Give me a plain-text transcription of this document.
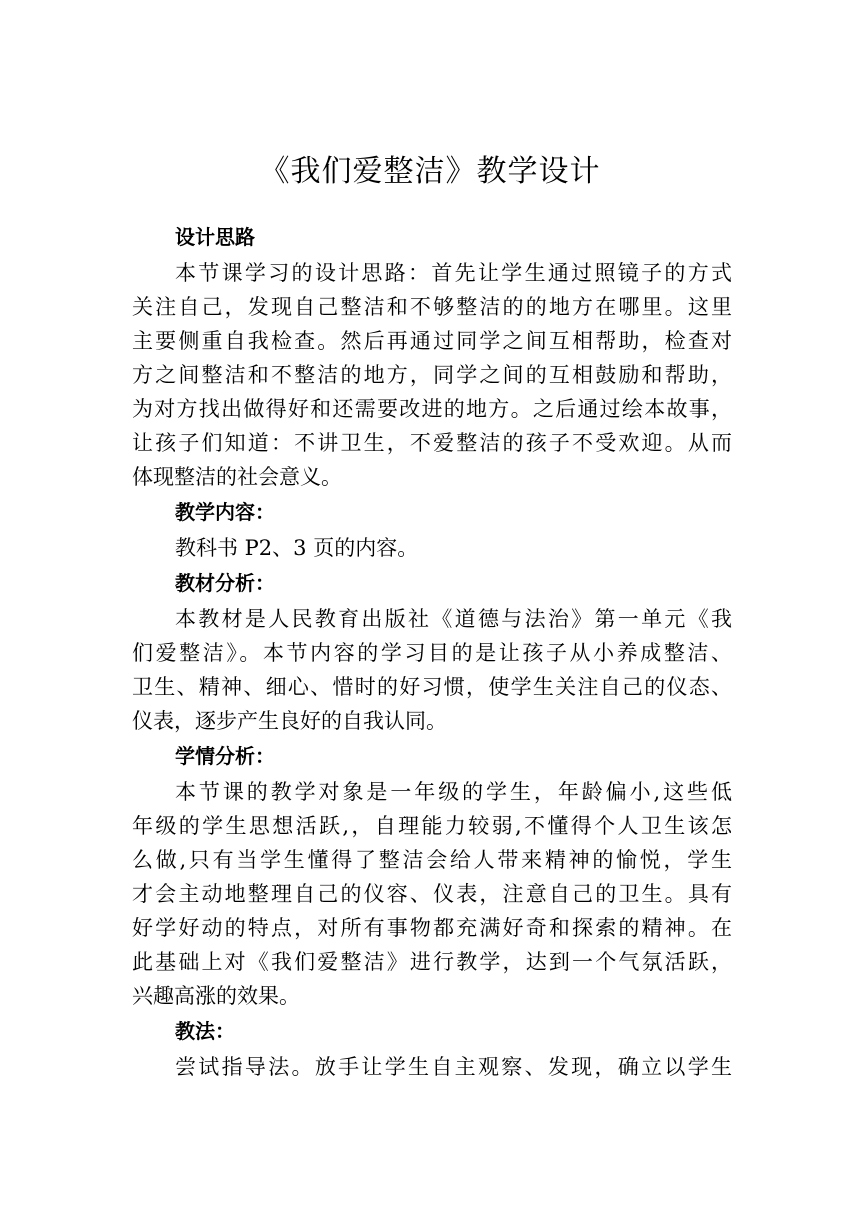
《我们爱整洁》教学设计
设计思路
本节课学习的设计思路：首先让学生通过照镜子的方式
关注自己，发现自己整洁和不够整洁的的地方在哪里。这里
主要侧重自我检查。然后再通过同学之间互相帮助，检查对
方之间整洁和不整洁的地方，同学之间的互相鼓励和帮助，
为对方找出做得好和还需要改进的地方。之后通过绘本故事，
让孩子们知道：不讲卫生，不爱整洁的孩子不受欢迎。从而
体现整洁的社会意义。
教学内容：
教科书 P2、3 页的内容。
教材分析：
本教材是人民教育出版社《道德与法治》第一单元《我
们爱整洁》。本节内容的学习目的是让孩子从小养成整洁、
卫生、精神、细心、惜时的好习惯，使学生关注自己的仪态、
仪表，逐步产生良好的自我认同。
学情分析：
本节课的教学对象是一年级的学生，年龄偏小,这些低
年级的学生思想活跃,，自理能力较弱,不懂得个人卫生该怎
么做,只有当学生懂得了整洁会给人带来精神的愉悦，学生
才会主动地整理自己的仪容、仪表，注意自己的卫生。具有
好学好动的特点，对所有事物都充满好奇和探索的精神。在
此基础上对《我们爱整洁》进行教学，达到一个气氛活跃，
兴趣高涨的效果。
教法：
尝试指导法。放手让学生自主观察、发现，确立以学生
